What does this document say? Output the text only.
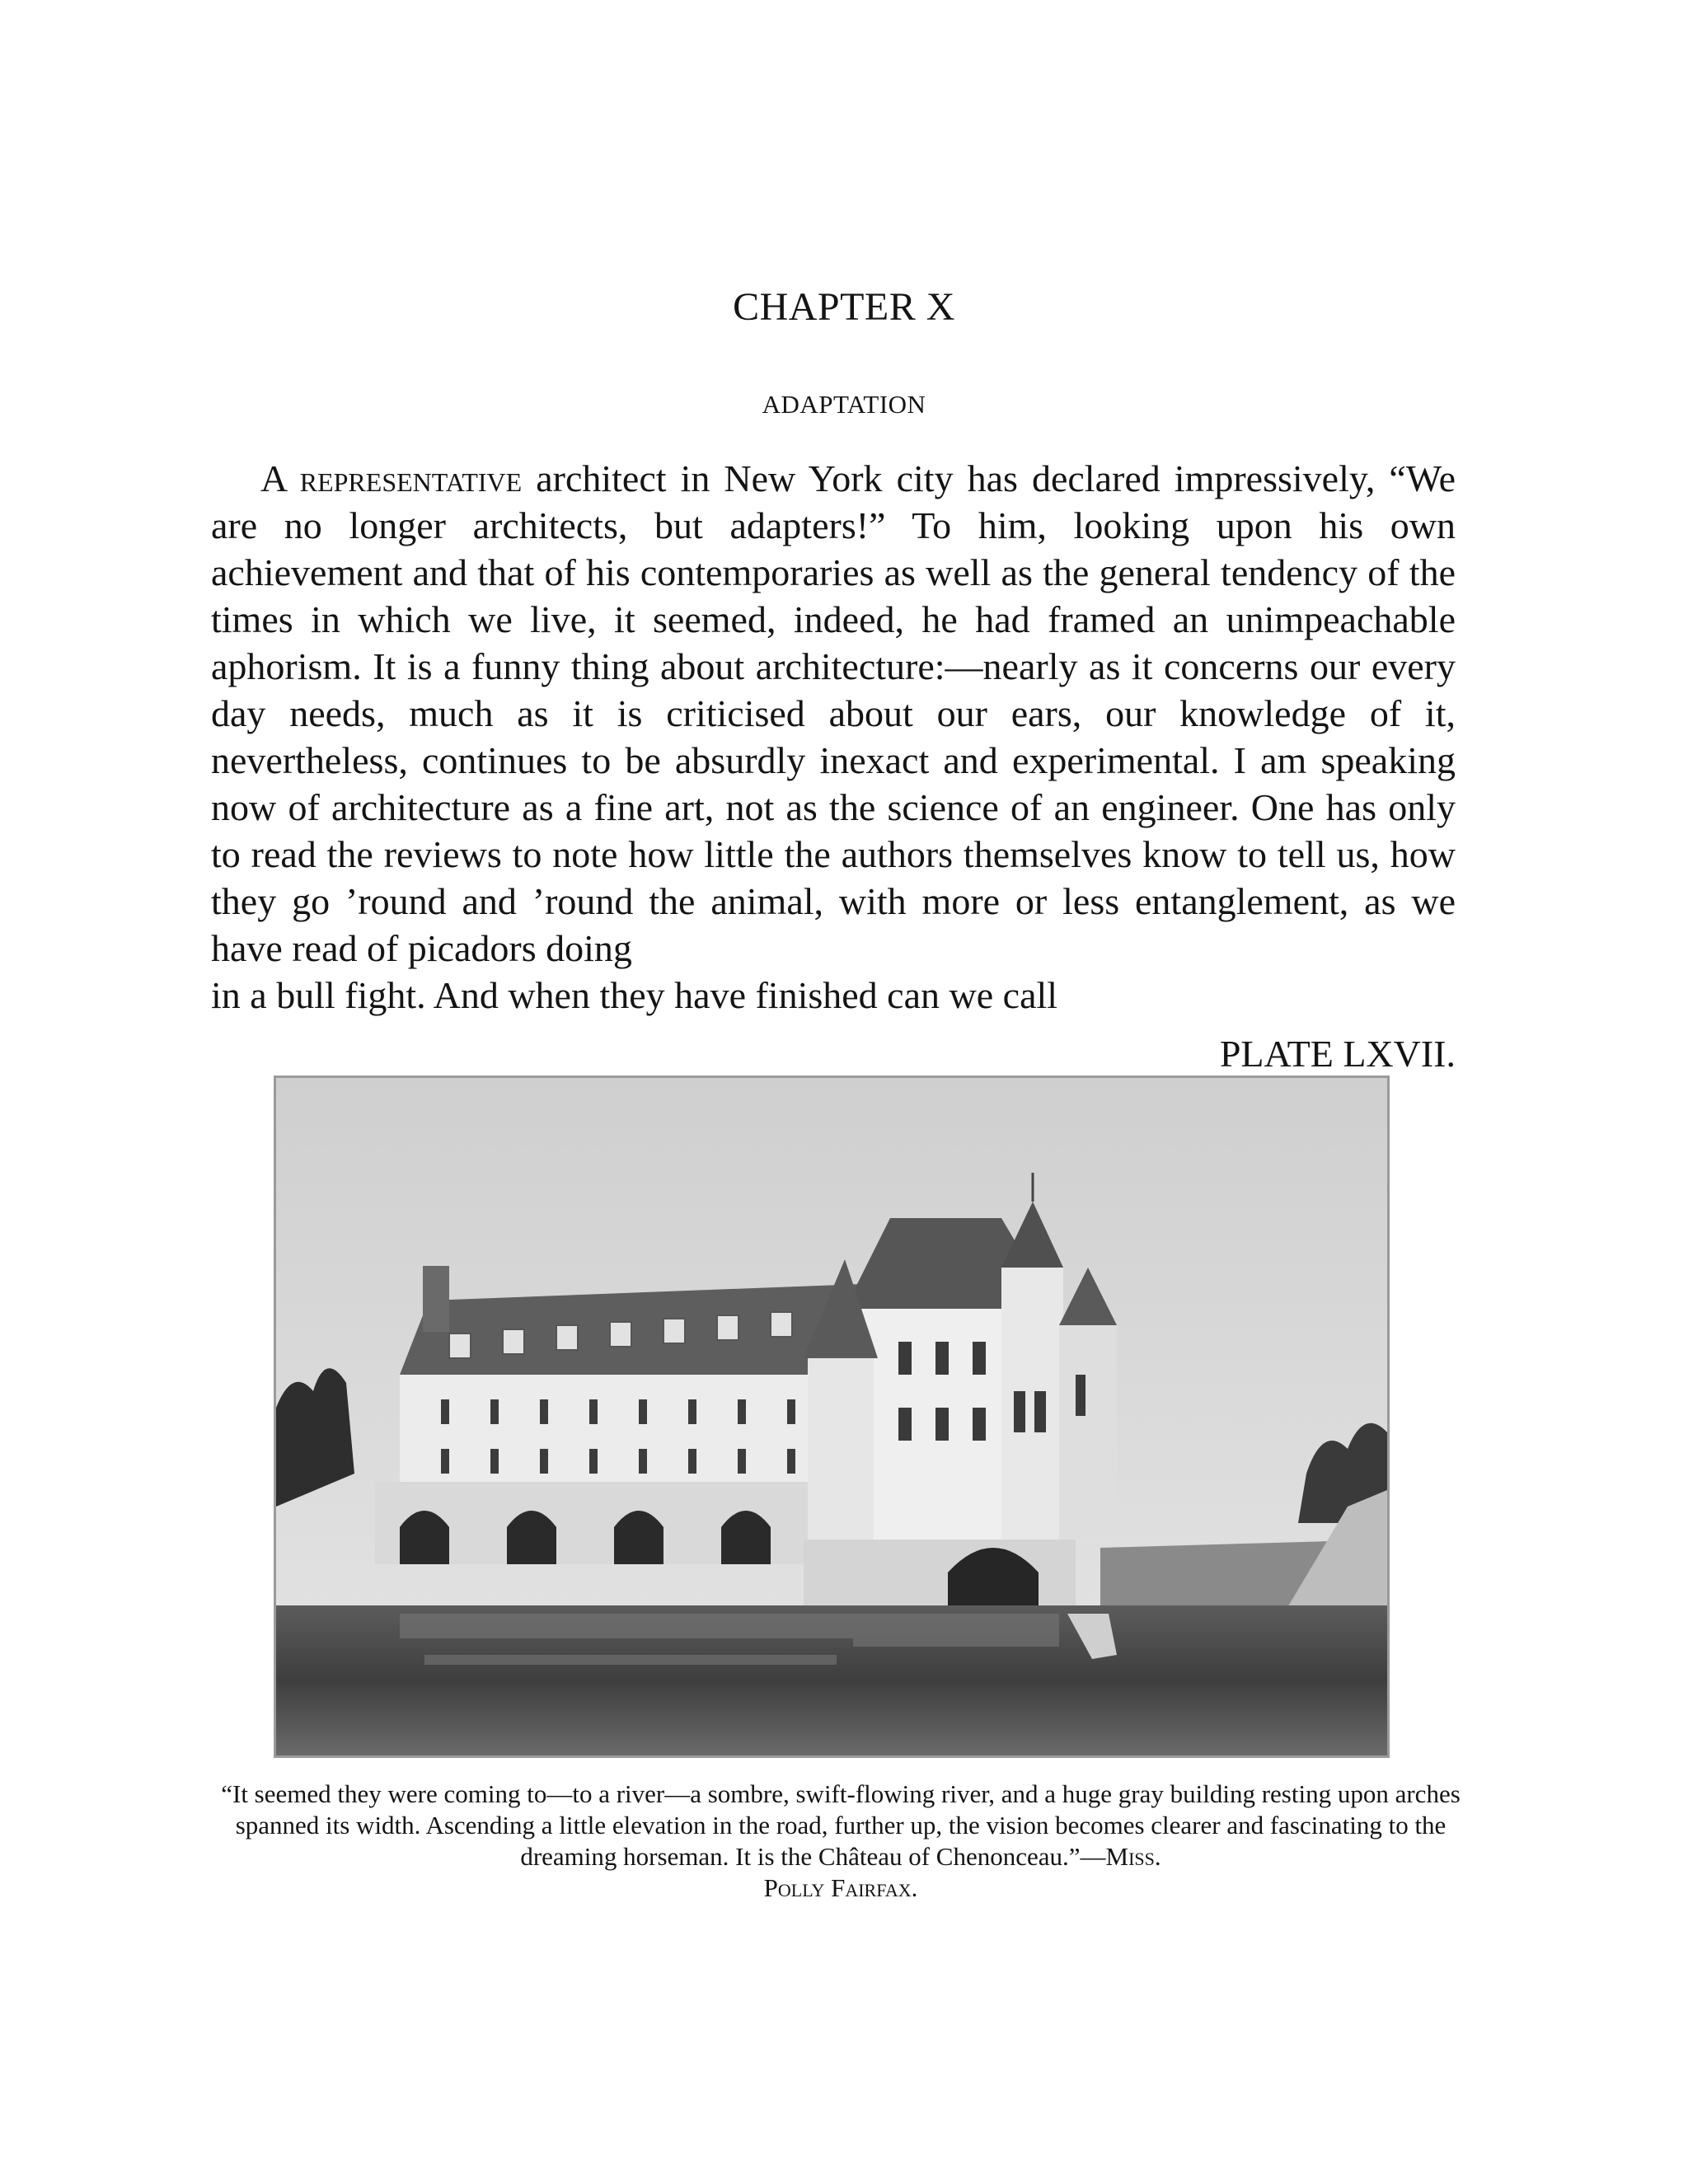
CHAPTER X
ADAPTATION

A representative architect in New York city has declared impressively, “We are no longer architects, but adapters!” To him, looking upon his own achievement and that of his contemporaries as well as the general tendency of the times in which we live, it seemed, indeed, he had framed an unimpeachable aphorism. It is a funny thing about architecture:—nearly as it concerns our every day needs, much as it is criticised about our ears, our knowledge of it, nevertheless, continues to be absurdly inexact and experimental. I am speaking now of architecture as a fine art, not as the science of an engineer. One has only to read the reviews to note how little the authors themselves know to tell us, how they go ’round and ’round the animal, with more or less entanglement, as we have read of picadors doing
in a bull fight. And when they have finished can we call

PLATE LXVII.

“It seemed they were coming to—to a river—a sombre, swift-flowing river, and a huge gray building resting upon arches spanned its width. Ascending a little elevation in the road, further up, the vision becomes clearer and fascinating to the dreaming horseman. It is the Château of Chenonceau.”—Miss.
Polly Fairfax.
